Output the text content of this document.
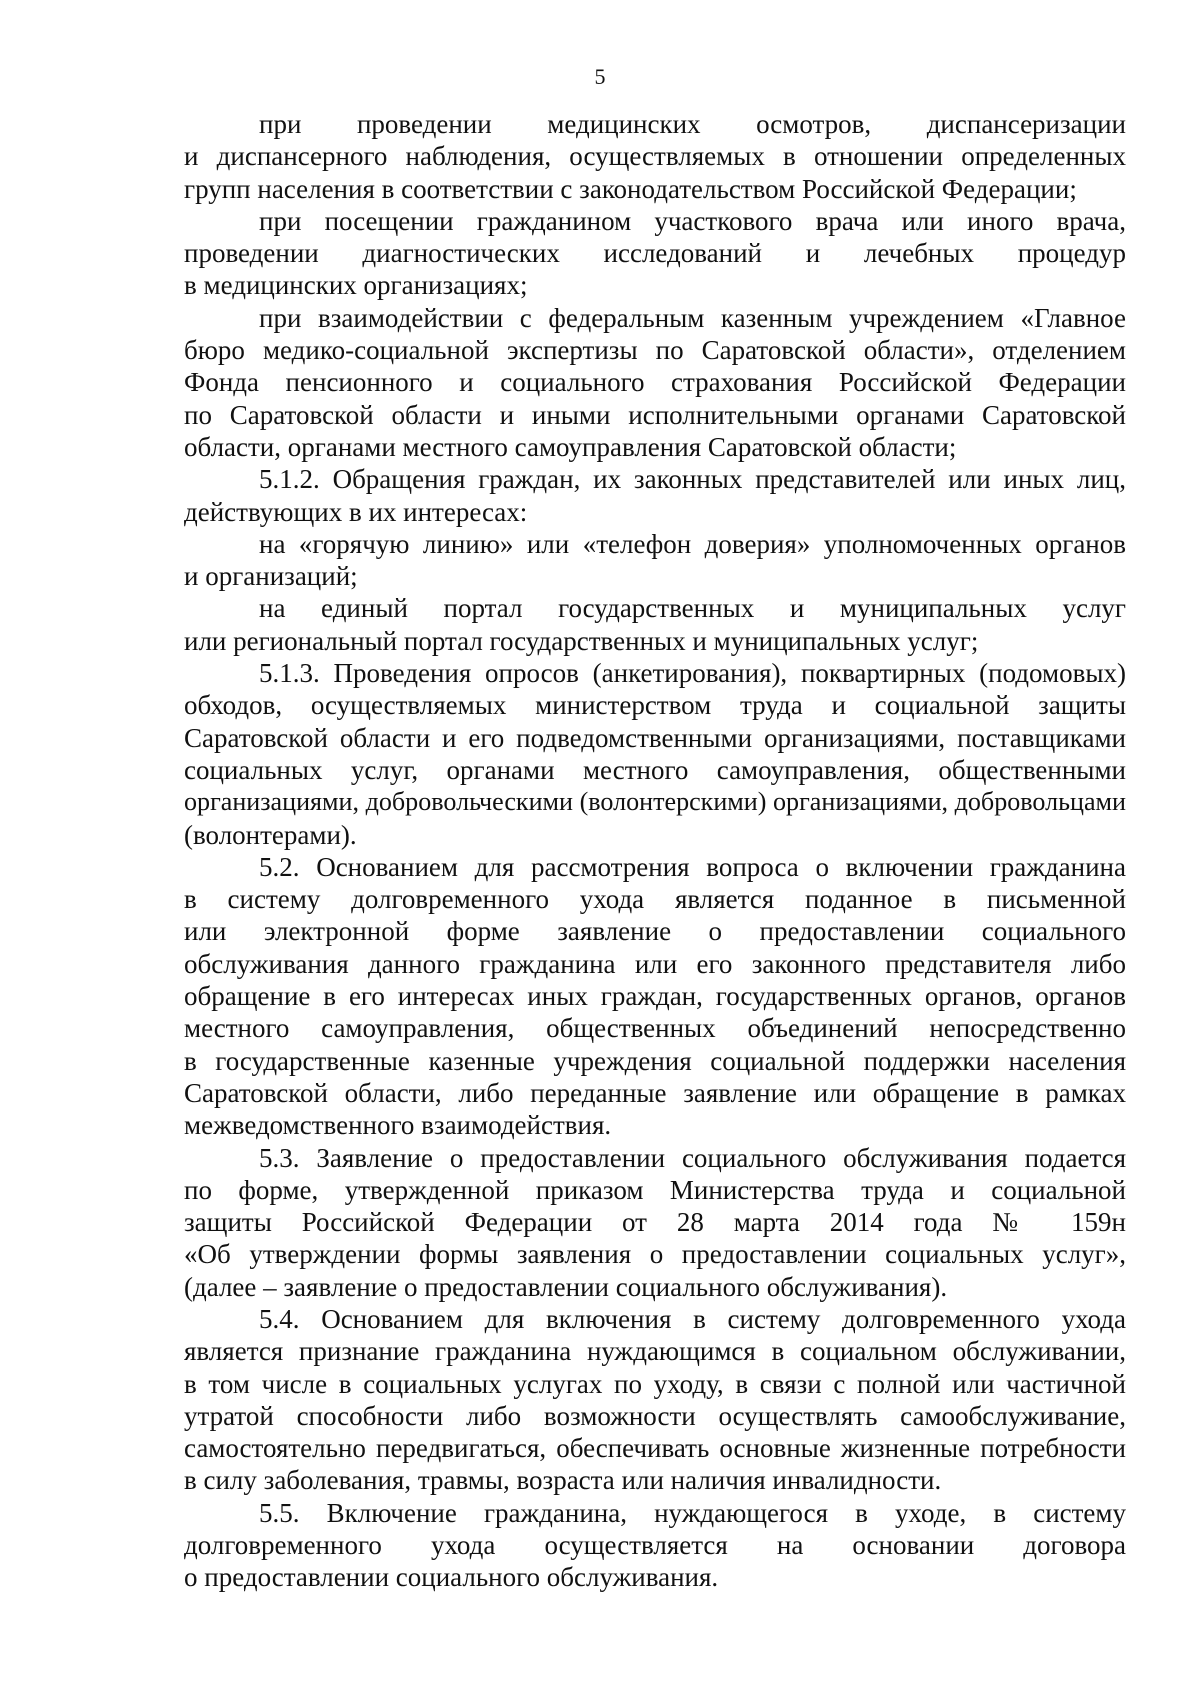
5
при проведении медицинских осмотров, диспансеризации
и диспансерного наблюдения, осуществляемых в отношении определенных
групп населения в соответствии с законодательством Российской Федерации;
при посещении гражданином участкового врача или иного врача,
проведении диагностических исследований и лечебных процедур
в медицинских организациях;
при взаимодействии с федеральным казенным учреждением «Главное
бюро медико-социальной экспертизы по Саратовской области», отделением
Фонда пенсионного и социального страхования Российской Федерации
по Саратовской области и иными исполнительными органами Саратовской
области, органами местного самоуправления Саратовской области;
5.1.2. Обращения граждан, их законных представителей или иных лиц,
действующих в их интересах:
на «горячую линию» или «телефон доверия» уполномоченных органов
и организаций;
на единый портал государственных и муниципальных услуг
или региональный портал государственных и муниципальных услуг;
5.1.3. Проведения опросов (анкетирования), поквартирных (подомовых)
обходов, осуществляемых министерством труда и социальной защиты
Саратовской области и его подведомственными организациями, поставщиками
социальных услуг, органами местного самоуправления, общественными
организациями, добровольческими (волонтерскими) организациями, добровольцами
(волонтерами).
5.2. Основанием для рассмотрения вопроса о включении гражданина
в систему долговременного ухода является поданное в письменной
или электронной форме заявление о предоставлении социального
обслуживания данного гражданина или его законного представителя либо
обращение в его интересах иных граждан, государственных органов, органов
местного самоуправления, общественных объединений непосредственно
в государственные казенные учреждения социальной поддержки населения
Саратовской области, либо переданные заявление или обращение в рамках
межведомственного взаимодействия.
5.3. Заявление о предоставлении социального обслуживания подается
по форме, утвержденной приказом Министерства труда и социальной
защиты Российской Федерации от 28 марта 2014 года № 159н
«Об утверждении формы заявления о предоставлении социальных услуг»,
(далее – заявление о предоставлении социального обслуживания).
5.4. Основанием для включения в систему долговременного ухода
является признание гражданина нуждающимся в социальном обслуживании,
в том числе в социальных услугах по уходу, в связи с полной или частичной
утратой способности либо возможности осуществлять самообслуживание,
самостоятельно передвигаться, обеспечивать основные жизненные потребности
в силу заболевания, травмы, возраста или наличия инвалидности.
5.5. Включение гражданина, нуждающегося в уходе, в систему
долговременного ухода осуществляется на основании договора
о предоставлении социального обслуживания.
